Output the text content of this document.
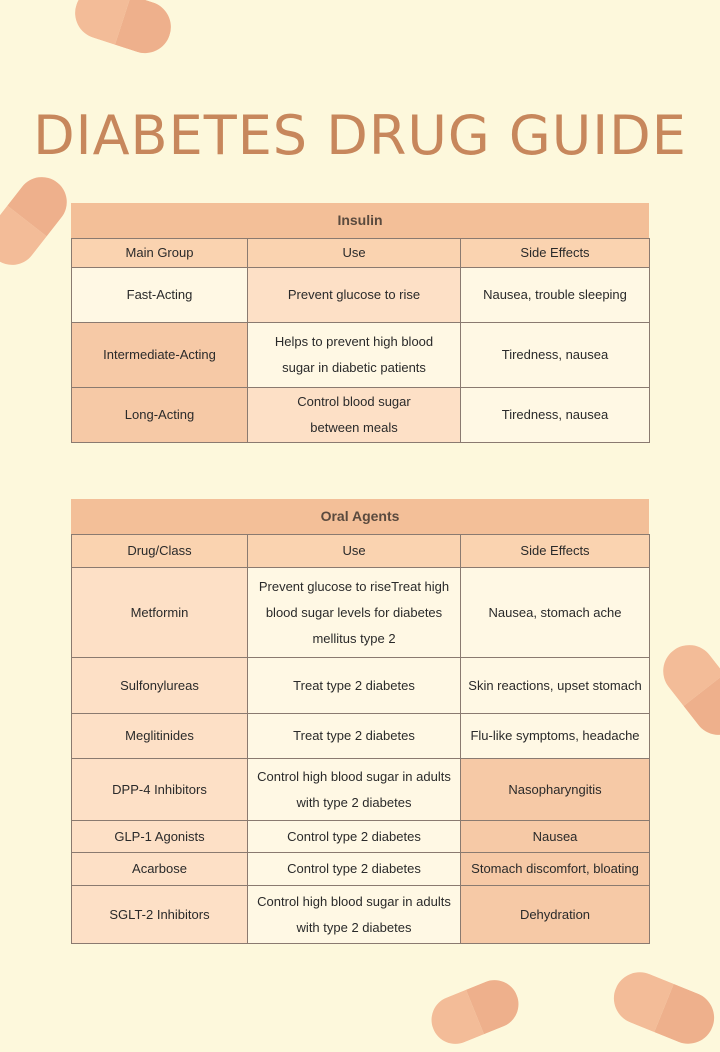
DIABETES DRUG GUIDE
Insulin
Main Group	Use	Side Effects
Fast-Acting	Prevent glucose to rise	Nausea, trouble sleeping
Intermediate-Acting	Helps to prevent high blood sugar in diabetic patients	Tiredness, nausea
Long-Acting	Control blood sugar between meals	Tiredness, nausea
Oral Agents
Drug/Class	Use	Side Effects
Metformin	Prevent glucose to riseTreat high blood sugar levels for diabetes mellitus type 2	Nausea, stomach ache
Sulfonylureas	Treat type 2 diabetes	Skin reactions, upset stomach
Meglitinides	Treat type 2 diabetes	Flu-like symptoms, headache
DPP-4 Inhibitors	Control high blood sugar in adults with type 2 diabetes	Nasopharyngitis
GLP-1 Agonists	Control type 2 diabetes	Nausea
Acarbose	Control type 2 diabetes	Stomach discomfort, bloating
SGLT-2 Inhibitors	Control high blood sugar in adults with type 2 diabetes	Dehydration
